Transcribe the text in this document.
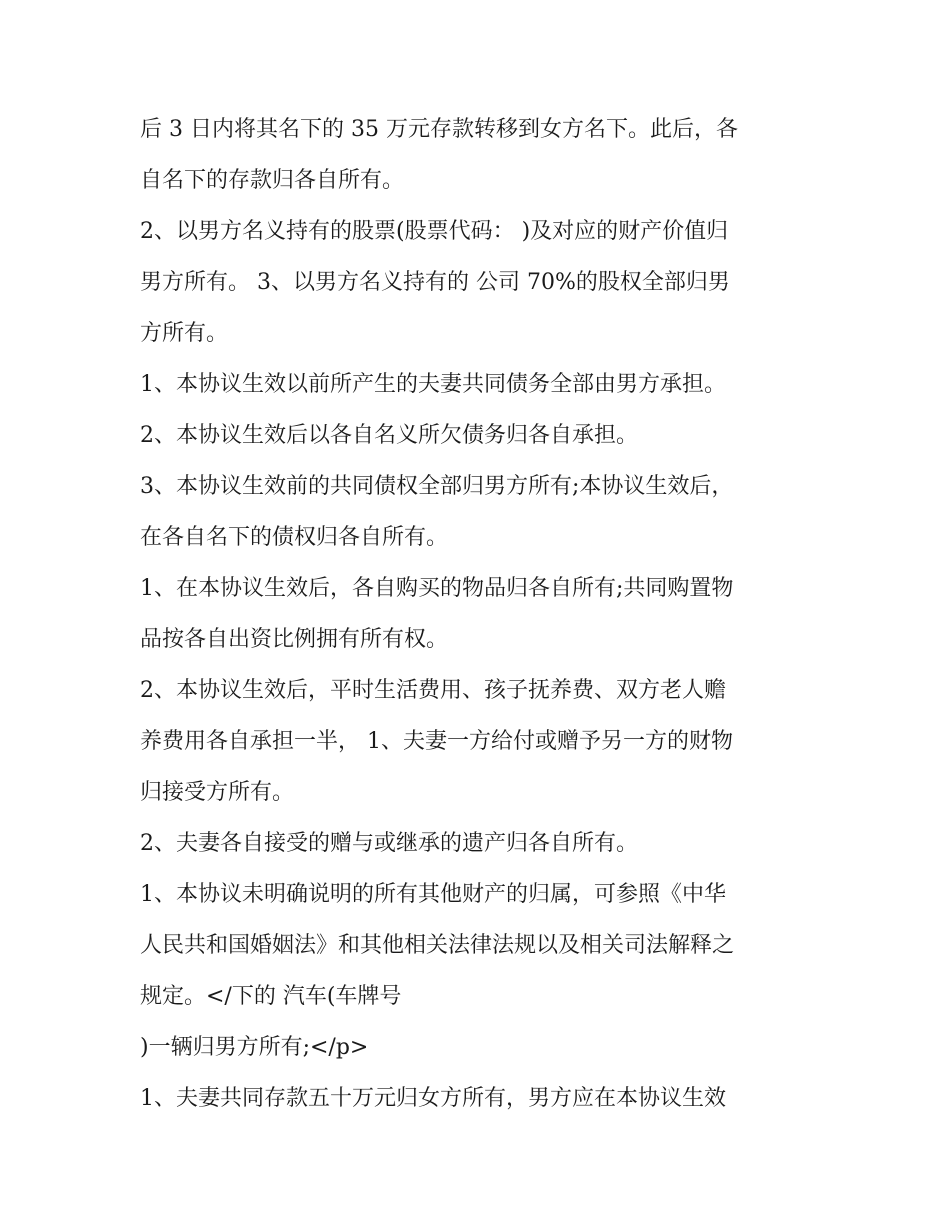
后 3 日内将其名下的 35 万元存款转移到女方名下。此后，各
自名下的存款归各自所有。
2、以男方名义持有的股票(股票代码： )及对应的财产价值归
男方所有。 3、以男方名义持有的 公司 70%的股权全部归男
方所有。
1、本协议生效以前所产生的夫妻共同债务全部由男方承担。
2、本协议生效后以各自名义所欠债务归各自承担。
3、本协议生效前的共同债权全部归男方所有;本协议生效后，
在各自名下的债权归各自所有。
1、在本协议生效后，各自购买的物品归各自所有;共同购置物
品按各自出资比例拥有所有权。
2、本协议生效后，平时生活费用、孩子抚养费、双方老人赡
养费用各自承担一半， 1、夫妻一方给付或赠予另一方的财物
归接受方所有。
2、夫妻各自接受的赠与或继承的遗产归各自所有。
1、本协议未明确说明的所有其他财产的归属，可参照《中华
人民共和国婚姻法》和其他相关法律法规以及相关司法解释之
规定。</下的 汽车(车牌号
)一辆归男方所有;</p>
1、夫妻共同存款五十万元归女方所有，男方应在本协议生效
